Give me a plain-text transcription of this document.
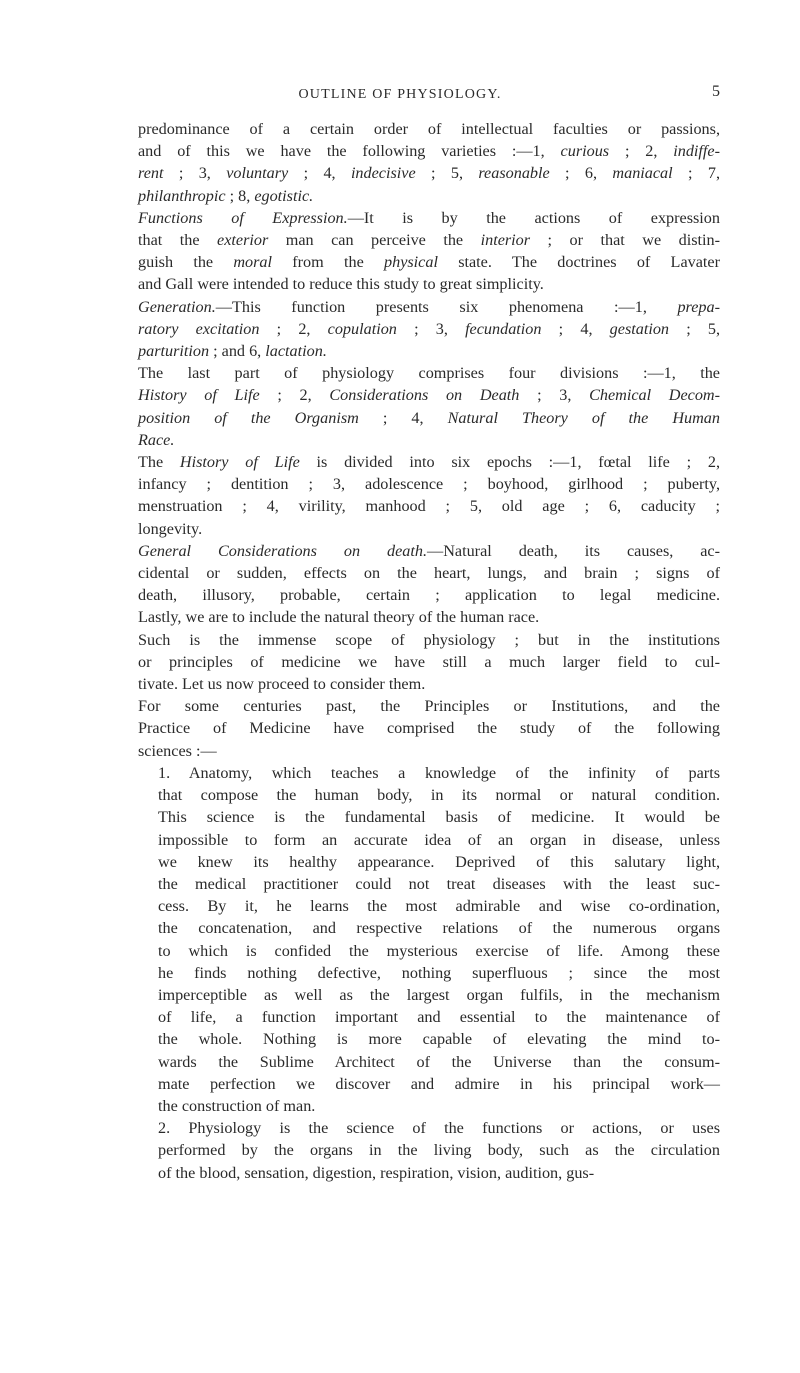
OUTLINE OF PHYSIOLOGY.	5
predominance of a certain order of intellectual faculties or passions,
and of this we have the following varieties :—1, curious ; 2, indiffe-
rent ; 3, voluntary ; 4, indecisive ; 5, reasonable ; 6, maniacal ; 7,
philanthropic ; 8, egotistic.
Functions of Expression.—It is by the actions of expression
that the exterior man can perceive the interior ; or that we distin-
guish the moral from the physical state. The doctrines of Lavater
and Gall were intended to reduce this study to great simplicity.
Generation.—This function presents six phenomena :—1, prepa-
ratory excitation ; 2, copulation ; 3, fecundation ; 4, gestation ; 5,
parturition ; and 6, lactation.
The last part of physiology comprises four divisions :—1, the
History of Life ; 2, Considerations on Death ; 3, Chemical Decom-
position of the Organism ; 4, Natural Theory of the Human
Race.
The History of Life is divided into six epochs :—1, fœtal life ; 2,
infancy ; dentition ; 3, adolescence ; boyhood, girlhood ; puberty,
menstruation ; 4, virility, manhood ; 5, old age ; 6, caducity ;
longevity.
General Considerations on death.—Natural death, its causes, ac-
cidental or sudden, effects on the heart, lungs, and brain ; signs of
death, illusory, probable, certain ; application to legal medicine.
Lastly, we are to include the natural theory of the human race.
Such is the immense scope of physiology ; but in the institutions
or principles of medicine we have still a much larger field to cul-
tivate. Let us now proceed to consider them.
For some centuries past, the Principles or Institutions, and the
Practice of Medicine have comprised the study of the following
sciences :—
1. Anatomy, which teaches a knowledge of the infinity of parts
that compose the human body, in its normal or natural condition.
This science is the fundamental basis of medicine. It would be
impossible to form an accurate idea of an organ in disease, unless
we knew its healthy appearance. Deprived of this salutary light,
the medical practitioner could not treat diseases with the least suc-
cess. By it, he learns the most admirable and wise co-ordination,
the concatenation, and respective relations of the numerous organs
to which is confided the mysterious exercise of life. Among these
he finds nothing defective, nothing superfluous ; since the most
imperceptible as well as the largest organ fulfils, in the mechanism
of life, a function important and essential to the maintenance of
the whole. Nothing is more capable of elevating the mind to-
wards the Sublime Architect of the Universe than the consum-
mate perfection we discover and admire in his principal work—
the construction of man.
2. Physiology is the science of the functions or actions, or uses
performed by the organs in the living body, such as the circulation
of the blood, sensation, digestion, respiration, vision, audition, gus-
